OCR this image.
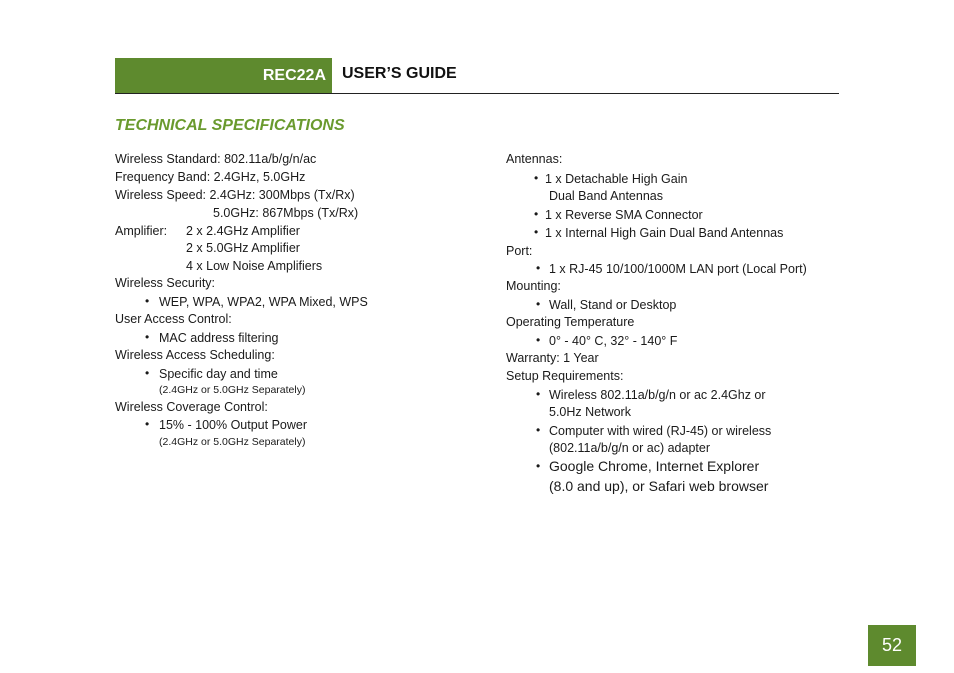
REC22A USER’S GUIDE
TECHNICAL SPECIFICATIONS
Wireless Standard: 802.11a/b/g/n/ac
Frequency Band: 2.4GHz, 5.0GHz
Wireless Speed: 2.4GHz: 300Mbps (Tx/Rx)
5.0GHz: 867Mbps (Tx/Rx)
Amplifier: 2 x 2.4GHz Amplifier
2 x 5.0GHz Amplifier
4 x Low Noise Amplifiers
Wireless Security:
• WEP, WPA, WPA2, WPA Mixed, WPS
User Access Control:
• MAC address filtering
Wireless Access Scheduling:
• Specific day and time
(2.4GHz or 5.0GHz Separately)
Wireless Coverage Control:
• 15% - 100% Output Power
(2.4GHz or 5.0GHz Separately)
Antennas:
• 1 x Detachable High Gain
Dual Band Antennas
• 1 x Reverse SMA Connector
• 1 x Internal High Gain Dual Band Antennas
Port:
• 1 x RJ-45 10/100/1000M LAN port (Local Port)
Mounting:
• Wall, Stand or Desktop
Operating Temperature
• 0° - 40° C, 32° - 140° F
Warranty: 1 Year
Setup Requirements:
• Wireless 802.11a/b/g/n or ac 2.4Ghz or
5.0Hz Network
• Computer with wired (RJ-45) or wireless
(802.11a/b/g/n or ac) adapter
• Google Chrome, Internet Explorer
(8.0 and up), or Safari web browser
52
